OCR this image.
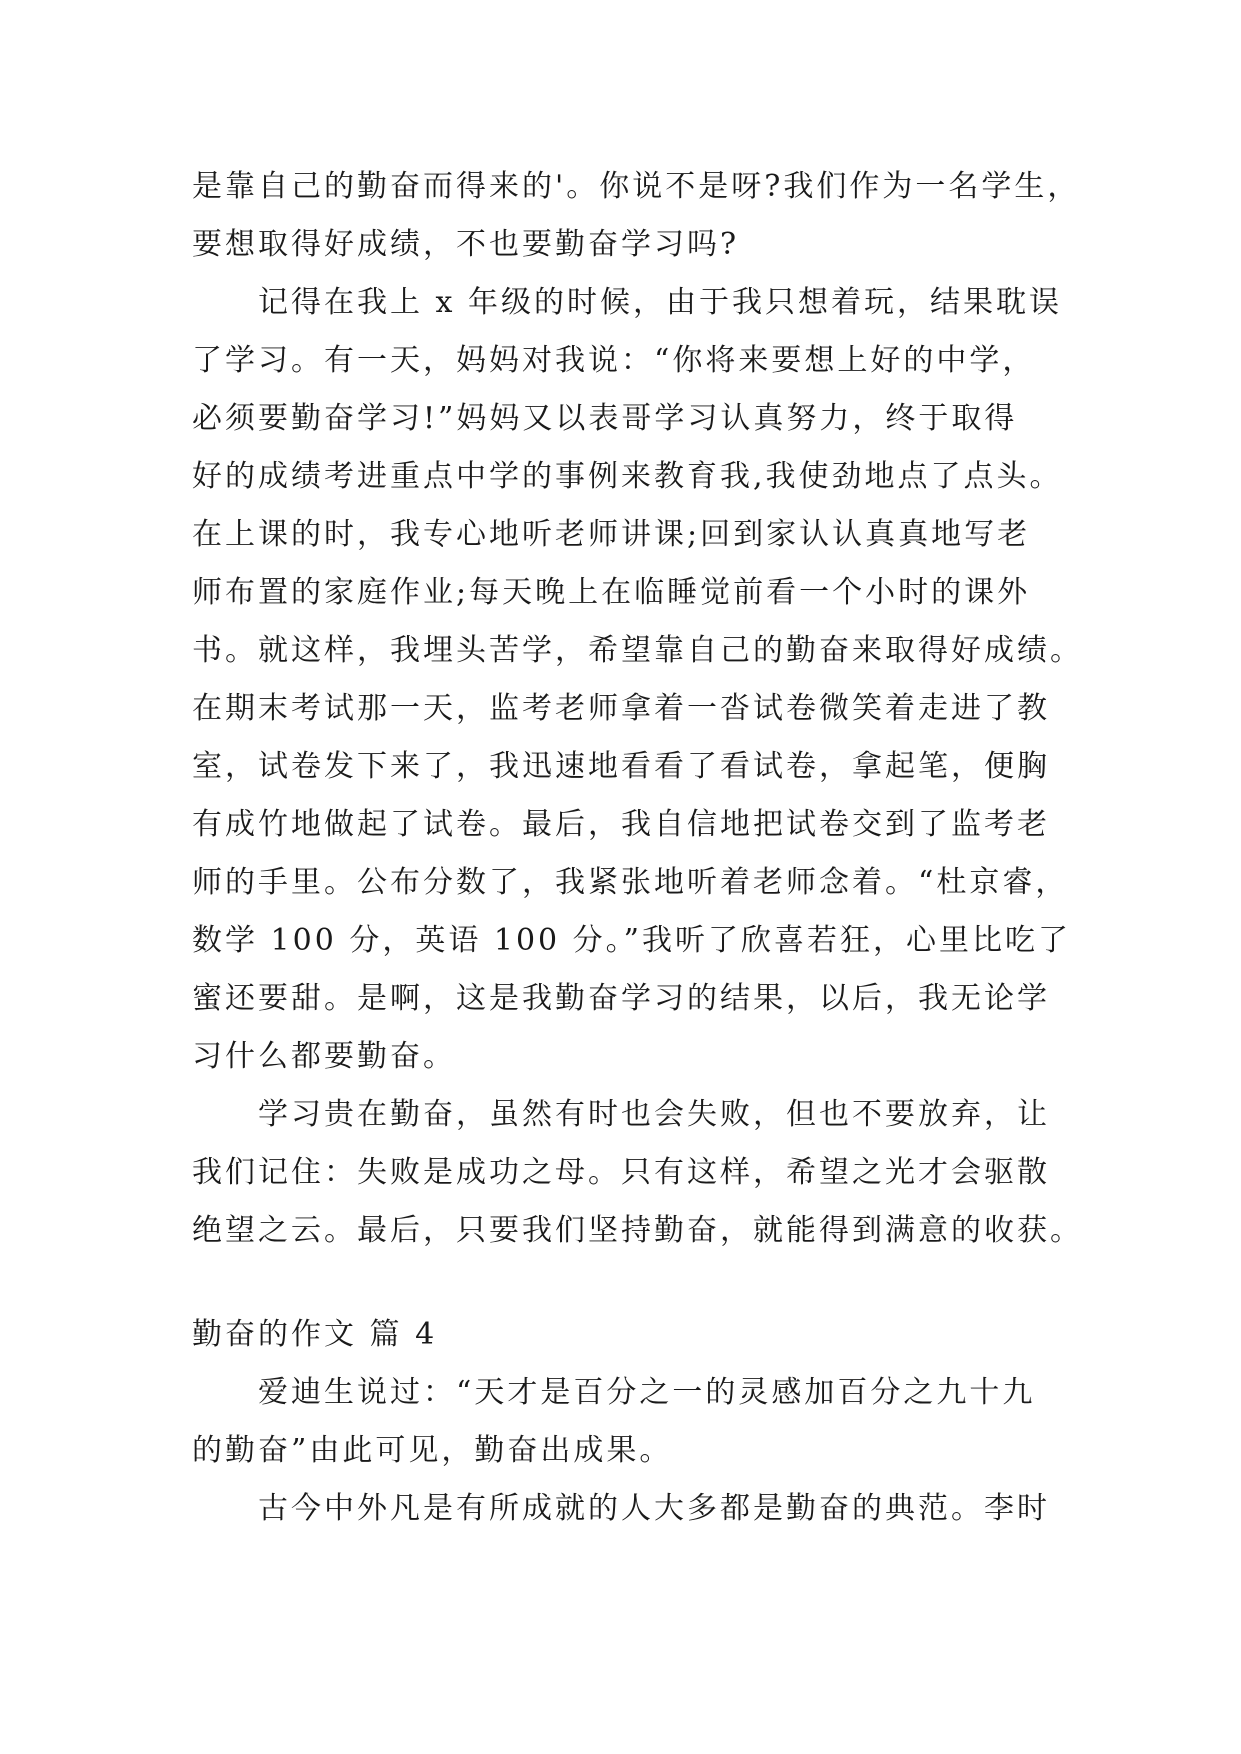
是靠自己的勤奋而得来的'。你说不是呀?我们作为一名学生，
要想取得好成绩，不也要勤奋学习吗?
记得在我上 x 年级的时候，由于我只想着玩，结果耽误
了学习。有一天，妈妈对我说：“你将来要想上好的中学，
必须要勤奋学习!”妈妈又以表哥学习认真努力，终于取得
好的成绩考进重点中学的事例来教育我,我使劲地点了点头。
在上课的时，我专心地听老师讲课;回到家认认真真地写老
师布置的家庭作业;每天晚上在临睡觉前看一个小时的课外
书。就这样，我埋头苦学，希望靠自己的勤奋来取得好成绩。
在期末考试那一天，监考老师拿着一沓试卷微笑着走进了教
室，试卷发下来了，我迅速地看看了看试卷，拿起笔，便胸
有成竹地做起了试卷。最后，我自信地把试卷交到了监考老
师的手里。公布分数了，我紧张地听着老师念着。“杜京睿，
数学 100 分，英语 100 分。”我听了欣喜若狂，心里比吃了
蜜还要甜。是啊，这是我勤奋学习的结果，以后，我无论学
习什么都要勤奋。
学习贵在勤奋，虽然有时也会失败，但也不要放弃，让
我们记住：失败是成功之母。只有这样，希望之光才会驱散
绝望之云。最后，只要我们坚持勤奋，就能得到满意的收获。
勤奋的作文 篇 4
爱迪生说过：“天才是百分之一的灵感加百分之九十九
的勤奋”由此可见，勤奋出成果。
古今中外凡是有所成就的人大多都是勤奋的典范。李时
